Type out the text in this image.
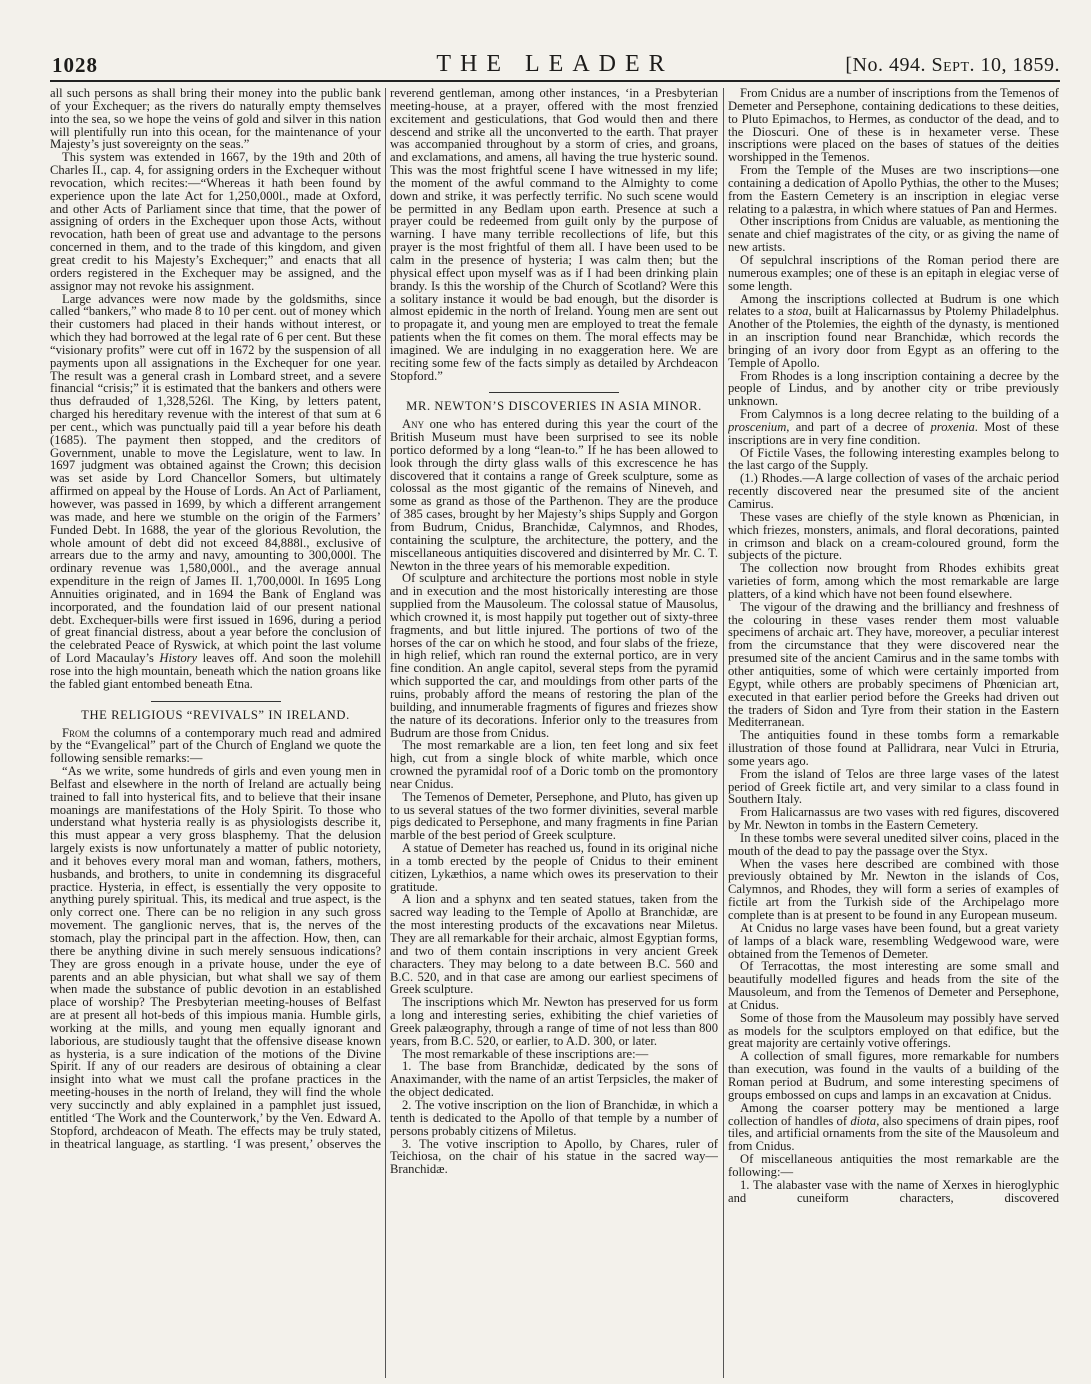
1028	THE LEADER	[No. 494. Sept. 10, 1859.

all such persons as shall bring their money into the public bank of your Exchequer; as the rivers do naturally empty themselves into the sea, so we hope the veins of gold and silver in this nation will plentifully run into this ocean, for the maintenance of your Majesty’s just sovereignty on the seas.”

This system was extended in 1667, by the 19th and 20th of Charles II., cap. 4, for assigning orders in the Exchequer without revocation, which recites:—“Whereas it hath been found by experience upon the late Act for 1,250,000l., made at Oxford, and other Acts of Parliament since that time, that the power of assigning of orders in the Exchequer upon those Acts, without revocation, hath been of great use and advantage to the persons concerned in them, and to the trade of this kingdom, and given great credit to his Majesty’s Exchequer;” and enacts that all orders registered in the Exchequer may be assigned, and the assignor may not revoke his assignment.

Large advances were now made by the goldsmiths, since called “bankers,” who made 8 to 10 per cent. out of money which their customers had placed in their hands without interest, or which they had borrowed at the legal rate of 6 per cent. But these “visionary profits” were cut off in 1672 by the suspension of all payments upon all assignations in the Exchequer for one year. The result was a general crash in Lombard street, and a severe financial “crisis;” it is estimated that the bankers and others were thus defrauded of 1,328,526l. The King, by letters patent, charged his hereditary revenue with the interest of that sum at 6 per cent., which was punctually paid till a year before his death (1685). The payment then stopped, and the creditors of Government, unable to move the Legislature, went to law. In 1697 judgment was obtained against the Crown; this decision was set aside by Lord Chancellor Somers, but ultimately affirmed on appeal by the House of Lords. An Act of Parliament, however, was passed in 1699, by which a different arrangement was made, and here we stumble on the origin of the Farmers’ Funded Debt. In 1688, the year of the glorious Revolution, the whole amount of debt did not exceed 84,888l., exclusive of arrears due to the army and navy, amounting to 300,000l. The ordinary revenue was 1,580,000l., and the average annual expenditure in the reign of James II. 1,700,000l. In 1695 Long Annuities originated, and in 1694 the Bank of England was incorporated, and the foundation laid of our present national debt. Exchequer-bills were first issued in 1696, during a period of great financial distress, about a year before the conclusion of the celebrated Peace of Ryswick, at which point the last volume of Lord Macaulay’s History leaves off. And soon the molehill rose into the high mountain, beneath which the nation groans like the fabled giant entombed beneath Etna.

THE RELIGIOUS “REVIVALS” IN IRELAND.

From the columns of a contemporary much read and admired by the “Evangelical” part of the Church of England we quote the following sensible remarks:—

“As we write, some hundreds of girls and even young men in Belfast and elsewhere in the north of Ireland are actually being trained to fall into hysterical fits, and to believe that their insane moanings are manifestations of the Holy Spirit. To those who understand what hysteria really is as physiologists describe it, this must appear a very gross blasphemy. That the delusion largely exists is now unfortunately a matter of public notoriety, and it behoves every moral man and woman, fathers, mothers, husbands, and brothers, to unite in condemning its disgraceful practice. Hysteria, in effect, is essentially the very opposite to anything purely spiritual. This, its medical and true aspect, is the only correct one. There can be no religion in any such gross movement. The ganglionic nerves, that is, the nerves of the stomach, play the principal part in the affection. How, then, can there be anything divine in such merely sensuous indications? They are gross enough in a private house, under the eye of parents and an able physician, but what shall we say of them when made the substance of public devotion in an established place of worship? The Presbyterian meeting-houses of Belfast are at present all hot-beds of this impious mania. Humble girls, working at the mills, and young men equally ignorant and laborious, are studiously taught that the offensive disease known as hysteria, is a sure indication of the motions of the Divine Spirit. If any of our readers are desirous of obtaining a clear insight into what we must call the profane practices in the meeting-houses in the north of Ireland, they will find the whole very succinctly and ably explained in a pamphlet just issued, entitled ‘The Work and the Counterwork,’ by the Ven. Edward A. Stopford, archdeacon of Meath. The effects may be truly stated, in theatrical language, as startling. ‘I was present,’ observes the

reverend gentleman, among other instances, ‘in a Presbyterian meeting-house, at a prayer, offered with the most frenzied excitement and gesticulations, that God would then and there descend and strike all the unconverted to the earth. That prayer was accompanied throughout by a storm of cries, and groans, and exclamations, and amens, all having the true hysteric sound. This was the most frightful scene I have witnessed in my life; the moment of the awful command to the Almighty to come down and strike, it was perfectly terrific. No such scene would be permitted in any Bedlam upon earth. Presence at such a prayer could be redeemed from guilt only by the purpose of warning. I have many terrible recollections of life, but this prayer is the most frightful of them all. I have been used to be calm in the presence of hysteria; I was calm then; but the physical effect upon myself was as if I had been drinking plain brandy. Is this the worship of the Church of Scotland? Were this a solitary instance it would be bad enough, but the disorder is almost epidemic in the north of Ireland. Young men are sent out to propagate it, and young men are employed to treat the female patients when the fit comes on them. The moral effects may be imagined. We are indulging in no exaggeration here. We are reciting some few of the facts simply as detailed by Archdeacon Stopford.”

MR. NEWTON’S DISCOVERIES IN ASIA MINOR.

Any one who has entered during this year the court of the British Museum must have been surprised to see its noble portico deformed by a long “lean-to.” If he has been allowed to look through the dirty glass walls of this excrescence he has discovered that it contains a range of Greek sculpture, some as colossal as the most gigantic of the remains of Nineveh, and some as grand as those of the Parthenon. They are the produce of 385 cases, brought by her Majesty’s ships Supply and Gorgon from Budrum, Cnidus, Branchidæ, Calymnos, and Rhodes, containing the sculpture, the architecture, the pottery, and the miscellaneous antiquities discovered and disinterred by Mr. C. T. Newton in the three years of his memorable expedition.

Of sculpture and architecture the portions most noble in style and in execution and the most historically interesting are those supplied from the Mausoleum. The colossal statue of Mausolus, which crowned it, is most happily put together out of sixty-three fragments, and but little injured. The portions of two of the horses of the car on which he stood, and four slabs of the frieze, in high relief, which ran round the external portico, are in very fine condition. An angle capitol, several steps from the pyramid which supported the car, and mouldings from other parts of the ruins, probably afford the means of restoring the plan of the building, and innumerable fragments of figures and friezes show the nature of its decorations. Inferior only to the treasures from Budrum are those from Cnidus.

The most remarkable are a lion, ten feet long and six feet high, cut from a single block of white marble, which once crowned the pyramidal roof of a Doric tomb on the promontory near Cnidus.

The Temenos of Demeter, Persephone, and Pluto, has given up to us several statues of the two former divinities, several marble pigs dedicated to Persephone, and many fragments in fine Parian marble of the best period of Greek sculpture.

A statue of Demeter has reached us, found in its original niche in a tomb erected by the people of Cnidus to their eminent citizen, Lykæthios, a name which owes its preservation to their gratitude.

A lion and a sphynx and ten seated statues, taken from the sacred way leading to the Temple of Apollo at Branchidæ, are the most interesting products of the excavations near Miletus. They are all remarkable for their archaic, almost Egyptian forms, and two of them contain inscriptions in very ancient Greek characters. They may belong to a date between B.C. 560 and B.C. 520, and in that case are among our earliest specimens of Greek sculpture.

The inscriptions which Mr. Newton has preserved for us form a long and interesting series, exhibiting the chief varieties of Greek palæography, through a range of time of not less than 800 years, from B.C. 520, or earlier, to A.D. 300, or later.

The most remarkable of these inscriptions are:—

1. The base from Branchidæ, dedicated by the sons of Anaximander, with the name of an artist Terpsicles, the maker of the object dedicated.

2. The votive inscription on the lion of Branchidæ, in which a tenth is dedicated to the Apollo of that temple by a number of persons probably citizens of Miletus.

3. The votive inscription to Apollo, by Chares, ruler of Teichiosa, on the chair of his statue in the sacred way—Branchidæ.

From Cnidus are a number of inscriptions from the Temenos of Demeter and Persephone, containing dedications to these deities, to Pluto Epimachos, to Hermes, as conductor of the dead, and to the Dioscuri. One of these is in hexameter verse. These inscriptions were placed on the bases of statues of the deities worshipped in the Temenos.

From the Temple of the Muses are two inscriptions—one containing a dedication of Apollo Pythias, the other to the Muses; from the Eastern Cemetery is an inscription in elegiac verse relating to a palæstra, in which where statues of Pan and Hermes.

Other inscriptions from Cnidus are valuable, as mentioning the senate and chief magistrates of the city, or as giving the name of new artists.

Of sepulchral inscriptions of the Roman period there are numerous examples; one of these is an epitaph in elegiac verse of some length.

Among the inscriptions collected at Budrum is one which relates to a stoa, built at Halicarnassus by Ptolemy Philadelphus. Another of the Ptolemies, the eighth of the dynasty, is mentioned in an inscription found near Branchidæ, which records the bringing of an ivory door from Egypt as an offering to the Temple of Apollo.

From Rhodes is a long inscription containing a decree by the people of Lindus, and by another city or tribe previously unknown.

From Calymnos is a long decree relating to the building of a proscenium, and part of a decree of proxenia. Most of these inscriptions are in very fine condition.

Of Fictile Vases, the following interesting examples belong to the last cargo of the Supply.

(1.) Rhodes.—A large collection of vases of the archaic period recently discovered near the presumed site of the ancient Camirus.

These vases are chiefly of the style known as Phœnician, in which friezes, monsters, animals, and floral decorations, painted in crimson and black on a cream-coloured ground, form the subjects of the picture.

The collection now brought from Rhodes exhibits great varieties of form, among which the most remarkable are large platters, of a kind which have not been found elsewhere.

The vigour of the drawing and the brilliancy and freshness of the colouring in these vases render them most valuable specimens of archaic art. They have, moreover, a peculiar interest from the circumstance that they were discovered near the presumed site of the ancient Camirus and in the same tombs with other antiquities, some of which were certainly imported from Egypt, while others are probably specimens of Phœnician art, executed in that earlier period before the Greeks had driven out the traders of Sidon and Tyre from their station in the Eastern Mediterranean.

The antiquities found in these tombs form a remarkable illustration of those found at Pallidrara, near Vulci in Etruria, some years ago.

From the island of Telos are three large vases of the latest period of Greek fictile art, and very similar to a class found in Southern Italy.

From Halicarnassus are two vases with red figures, discovered by Mr. Newton in tombs in the Eastern Cemetery.

In these tombs were several unedited silver coins, placed in the mouth of the dead to pay the passage over the Styx.

When the vases here described are combined with those previously obtained by Mr. Newton in the islands of Cos, Calymnos, and Rhodes, they will form a series of examples of fictile art from the Turkish side of the Archipelago more complete than is at present to be found in any European museum.

At Cnidus no large vases have been found, but a great variety of lamps of a black ware, resembling Wedgewood ware, were obtained from the Temenos of Demeter.

Of Terracottas, the most interesting are some small and beautifully modelled figures and heads from the site of the Mausoleum, and from the Temenos of Demeter and Persephone, at Cnidus.

Some of those from the Mausoleum may possibly have served as models for the sculptors employed on that edifice, but the great majority are certainly votive offerings.

A collection of small figures, more remarkable for numbers than execution, was found in the vaults of a building of the Roman period at Budrum, and some interesting specimens of groups embossed on cups and lamps in an excavation at Cnidus.

Among the coarser pottery may be mentioned a large collection of handles of diota, also specimens of drain pipes, roof tiles, and artificial ornaments from the site of the Mausoleum and from Cnidus.

Of miscellaneous antiquities the most remarkable are the following:—

1. The alabaster vase with the name of Xerxes in hieroglyphic and cuneiform characters, discovered
